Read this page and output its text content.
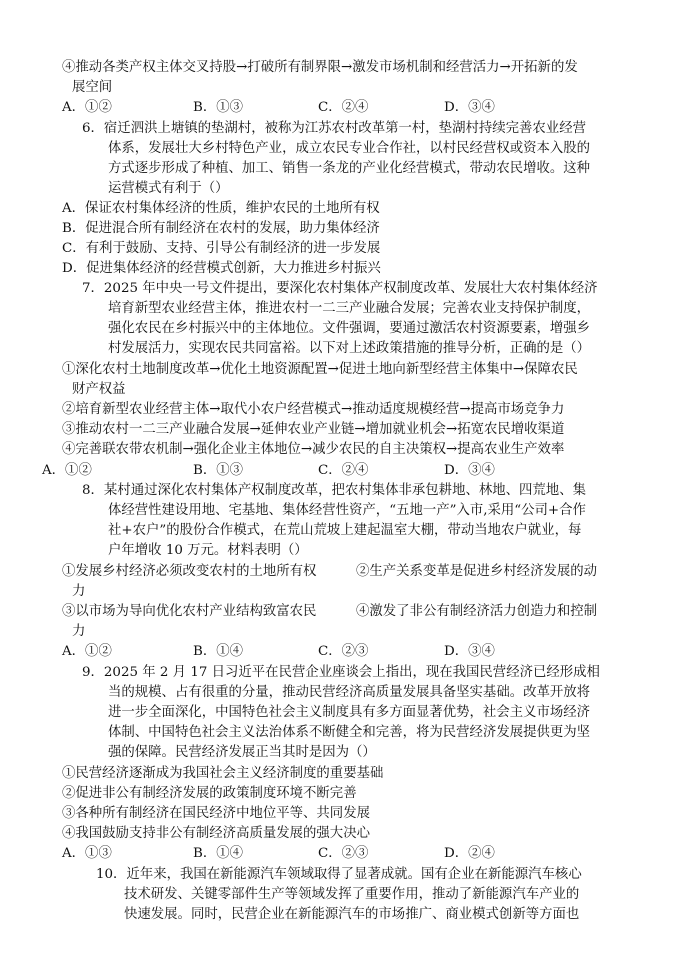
④推动各类产权主体交叉持股→打破所有制界限→激发市场机制和经营活力→开拓新的发
展空间
A．①②	B．①③	C．②④	D．③④
6．宿迁泗洪上塘镇的垫湖村，被称为江苏农村改革第一村，垫湖村持续完善农业经营
体系，发展壮大乡村特色产业，成立农民专业合作社，以村民经营权或资本入股的
方式逐步形成了种植、加工、销售一条龙的产业化经营模式，带动农民增收。这种
运营模式有利于（）
A．保证农村集体经济的性质，维护农民的土地所有权
B．促进混合所有制经济在农村的发展，助力集体经济
C．有利于鼓励、支持、引导公有制经济的进一步发展
D．促进集体经济的经营模式创新，大力推进乡村振兴
7．2025 年中央一号文件提出，要深化农村集体产权制度改革、发展壮大农村集体经济
培育新型农业经营主体，推进农村一二三产业融合发展；完善农业支持保护制度，
强化农民在乡村振兴中的主体地位。文件强调，要通过激活农村资源要素，增强乡
村发展活力，实现农民共同富裕。以下对上述政策措施的推导分析，正确的是（）
①深化农村土地制度改革→优化土地资源配置→促进土地向新型经营主体集中→保障农民
财产权益
②培育新型农业经营主体→取代小农户经营模式→推动适度规模经营→提高市场竞争力
③推动农村一二三产业融合发展→延伸农业产业链→增加就业机会→拓宽农民增收渠道
④完善联农带农机制→强化企业主体地位→减少农民的自主决策权→提高农业生产效率
A．①②	B．①③	C．②④	D．③④
8．某村通过深化农村集体产权制度改革，把农村集体非承包耕地、林地、四荒地、集
体经营性建设用地、宅基地、集体经营性资产，“五地一产”入市,采用“公司+合作
社+农户”的股份合作模式，在荒山荒坡上建起温室大棚，带动当地农户就业，每
户年增收 10 万元。材料表明（）
①发展乡村经济必须改变农村的土地所有权	②生产关系变革是促进乡村经济发展的动
力
③以市场为导向优化农村产业结构致富农民	④激发了非公有制经济活力创造力和控制
力
A．①②	B．①④	C．②③	D．③④
9．2025 年 2 月 17 日习近平在民营企业座谈会上指出，现在我国民营经济已经形成相
当的规模、占有很重的分量，推动民营经济高质量发展具备坚实基础。改革开放将
进一步全面深化，中国特色社会主义制度具有多方面显著优势，社会主义市场经济
体制、中国特色社会主义法治体系不断健全和完善，将为民营经济发展提供更为坚
强的保障。民营经济发展正当其时是因为（）
①民营经济逐渐成为我国社会主义经济制度的重要基础
②促进非公有制经济发展的政策制度环境不断完善
③各种所有制经济在国民经济中地位平等、共同发展
④我国鼓励支持非公有制经济高质量发展的强大决心
A．①③	B．①④	C．②③	D．②④
10．近年来，我国在新能源汽车领域取得了显著成就。国有企业在新能源汽车核心
技术研发、关键零部件生产等领域发挥了重要作用，推动了新能源汽车产业的
快速发展。同时，民营企业在新能源汽车的市场推广、商业模式创新等方面也
